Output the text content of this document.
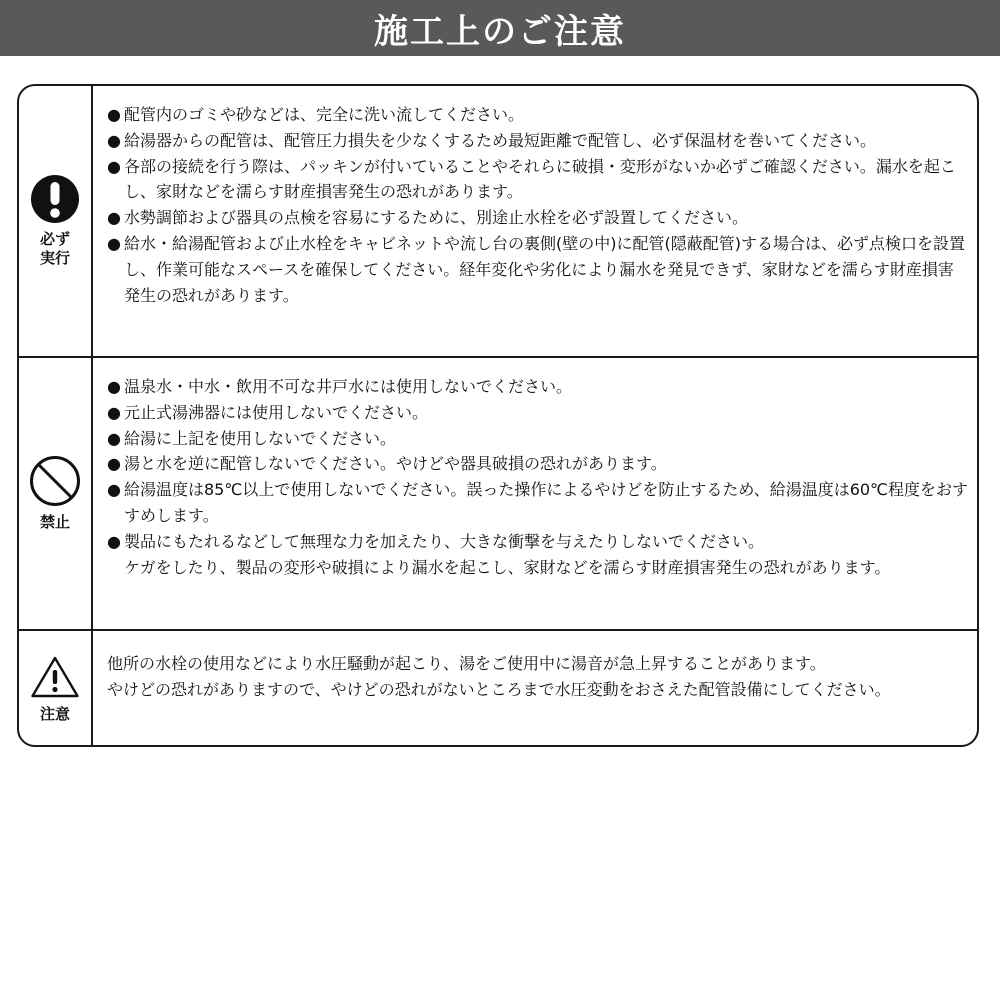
施工上のご注意
必ず
実行
● 配管内のゴミや砂などは、完全に洗い流してください。
● 給湯器からの配管は、配管圧力損失を少なくするため最短距離で配管し、必ず保温材を巻いてください。
● 各部の接続を行う際は、パッキンが付いていることやそれらに破損・変形がないか必ずご確認ください。漏水を起こし、家財などを濡らす財産損害発生の恐れがあります。
● 水勢調節および器具の点検を容易にするために、別途止水栓を必ず設置してください。
● 給水・給湯配管および止水栓をキャビネットや流し台の裏側(壁の中)に配管(隠蔽配管)する場合は、必ず点検口を設置し、作業可能なスペースを確保してください。経年変化や劣化により漏水を発見できず、家財などを濡らす財産損害発生の恐れがあります。
禁止
● 温泉水・中水・飲用不可な井戸水には使用しないでください。
● 元止式湯沸器には使用しないでください。
● 給湯に上記を使用しないでください。
● 湯と水を逆に配管しないでください。やけどや器具破損の恐れがあります。
● 給湯温度は85℃以上で使用しないでください。誤った操作によるやけどを防止するため、給湯温度は60℃程度をおすすめします。
● 製品にもたれるなどして無理な力を加えたり、大きな衝撃を与えたりしないでください。
ケガをしたり、製品の変形や破損により漏水を起こし、家財などを濡らす財産損害発生の恐れがあります。
注意
他所の水栓の使用などにより水圧騒動が起こり、湯をご使用中に湯音が急上昇することがあります。
やけどの恐れがありますので、やけどの恐れがないところまで水圧変動をおさえた配管設備にしてください。
